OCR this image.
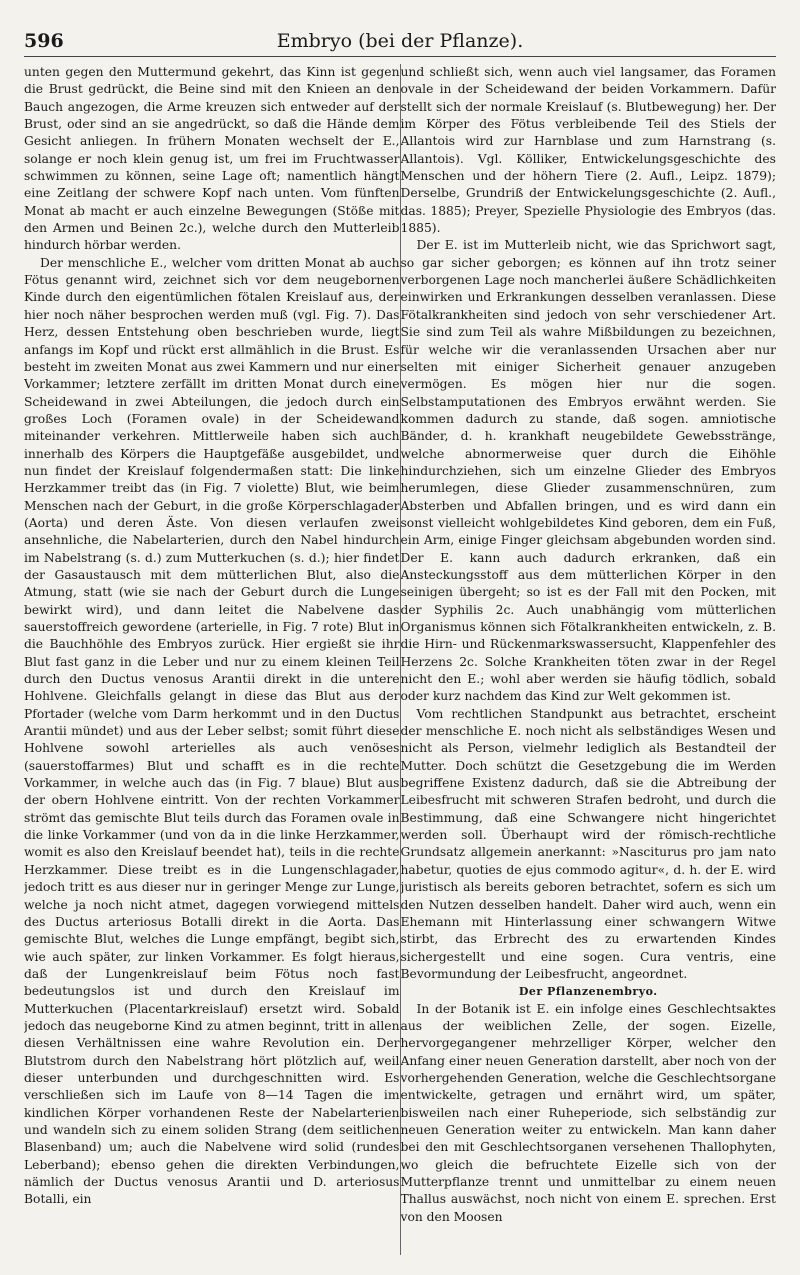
596	Embryo (bei der Pflanze).

unten gegen den Muttermund gekehrt, das Kinn ist gegen die Brust gedrückt, die Beine sind mit den Knieen an den Bauch angezogen, die Arme kreuzen sich entweder auf der Brust, oder sind an sie angedrückt, so daß die Hände dem Gesicht anliegen. In frühern Monaten wechselt der E., solange er noch klein genug ist, um frei im Fruchtwasser schwimmen zu können, seine Lage oft; namentlich hängt eine Zeitlang der schwere Kopf nach unten. Vom fünften Monat ab macht er auch einzelne Bewegungen (Stöße mit den Armen und Beinen 2c.), welche durch den Mutterleib hindurch hörbar werden.

Der menschliche E., welcher vom dritten Monat ab auch Fötus genannt wird, zeichnet sich vor dem neugebornen Kinde durch den eigentümlichen fötalen Kreislauf aus, der hier noch näher besprochen werden muß (vgl. Fig. 7). Das Herz, dessen Entstehung oben beschrieben wurde, liegt anfangs im Kopf und rückt erst allmählich in die Brust. Es besteht im zweiten Monat aus zwei Kammern und nur einer Vorkammer; letztere zerfällt im dritten Monat durch eine Scheidewand in zwei Abteilungen, die jedoch durch ein großes Loch (Foramen ovale) in der Scheidewand miteinander verkehren. Mittlerweile haben sich auch innerhalb des Körpers die Hauptgefäße ausgebildet, und nun findet der Kreislauf folgendermaßen statt: Die linke Herzkammer treibt das (in Fig. 7 violette) Blut, wie beim Menschen nach der Geburt, in die große Körperschlagader (Aorta) und deren Äste. Von diesen verlaufen zwei ansehnliche, die Nabelarterien, durch den Nabel hindurch im Nabelstrang (s. d.) zum Mutterkuchen (s. d.); hier findet der Gasaustausch mit dem mütterlichen Blut, also die Atmung, statt (wie sie nach der Geburt durch die Lunge bewirkt wird), und dann leitet die Nabelvene das sauerstoffreich gewordene (arterielle, in Fig. 7 rote) Blut in die Bauchhöhle des Embryos zurück. Hier ergießt sie ihr Blut fast ganz in die Leber und nur zu einem kleinen Teil durch den Ductus venosus Arantii direkt in die untere Hohlvene. Gleichfalls gelangt in diese das Blut aus der Pfortader (welche vom Darm herkommt und in den Ductus Arantii mündet) und aus der Leber selbst; somit führt diese Hohlvene sowohl arterielles als auch venöses (sauerstoffarmes) Blut und schafft es in die rechte Vorkammer, in welche auch das (in Fig. 7 blaue) Blut aus der obern Hohlvene eintritt. Von der rechten Vorkammer strömt das gemischte Blut teils durch das Foramen ovale in die linke Vorkammer (und von da in die linke Herzkammer, womit es also den Kreislauf beendet hat), teils in die rechte Herzkammer. Diese treibt es in die Lungenschlagader, jedoch tritt es aus dieser nur in geringer Menge zur Lunge, welche ja noch nicht atmet, dagegen vorwiegend mittels des Ductus arteriosus Botalli direkt in die Aorta. Das gemischte Blut, welches die Lunge empfängt, begibt sich, wie auch später, zur linken Vorkammer. Es folgt hieraus, daß der Lungenkreislauf beim Fötus noch fast bedeutungslos ist und durch den Kreislauf im Mutterkuchen (Placentarkreislauf) ersetzt wird. Sobald jedoch das neugeborne Kind zu atmen beginnt, tritt in allen diesen Verhältnissen eine wahre Revolution ein. Der Blutstrom durch den Nabelstrang hört plötzlich auf, weil dieser unterbunden und durchgeschnitten wird. Es verschließen sich im Laufe von 8—14 Tagen die im kindlichen Körper vorhandenen Reste der Nabelarterien und wandeln sich zu einem soliden Strang (dem seitlichen Blasenband) um; auch die Nabelvene wird solid (rundes Leberband); ebenso gehen die direkten Verbindungen, nämlich der Ductus venosus Arantii und D. arteriosus Botalli, ein

und schließt sich, wenn auch viel langsamer, das Foramen ovale in der Scheidewand der beiden Vorkammern. Dafür stellt sich der normale Kreislauf (s. Blutbewegung) her. Der im Körper des Fötus verbleibende Teil des Stiels der Allantois wird zur Harnblase und zum Harnstrang (s. Allantois). Vgl. Kölliker, Entwickelungsgeschichte des Menschen und der höhern Tiere (2. Aufl., Leipz. 1879); Derselbe, Grundriß der Entwickelungsgeschichte (2. Aufl., das. 1885); Preyer, Spezielle Physiologie des Embryos (das. 1885).

Der E. ist im Mutterleib nicht, wie das Sprichwort sagt, so gar sicher geborgen; es können auf ihn trotz seiner verborgenen Lage noch mancherlei äußere Schädlichkeiten einwirken und Erkrankungen desselben veranlassen. Diese Fötalkrankheiten sind jedoch von sehr verschiedener Art. Sie sind zum Teil als wahre Mißbildungen zu bezeichnen, für welche wir die veranlassenden Ursachen aber nur selten mit einiger Sicherheit genauer anzugeben vermögen. Es mögen hier nur die sogen. Selbstamputationen des Embryos erwähnt werden. Sie kommen dadurch zu stande, daß sogen. amniotische Bänder, d. h. krankhaft neugebildete Gewebsstränge, welche abnormerweise quer durch die Eihöhle hindurchziehen, sich um einzelne Glieder des Embryos herumlegen, diese Glieder zusammenschnüren, zum Absterben und Abfallen bringen, und es wird dann ein sonst vielleicht wohlgebildetes Kind geboren, dem ein Fuß, ein Arm, einige Finger gleichsam abgebunden worden sind. Der E. kann auch dadurch erkranken, daß ein Ansteckungsstoff aus dem mütterlichen Körper in den seinigen übergeht; so ist es der Fall mit den Pocken, mit der Syphilis 2c. Auch unabhängig vom mütterlichen Organismus können sich Fötalkrankheiten entwickeln, z. B. die Hirn- und Rückenmarkswassersucht, Klappenfehler des Herzens 2c. Solche Krankheiten töten zwar in der Regel nicht den E.; wohl aber werden sie häufig tödlich, sobald oder kurz nachdem das Kind zur Welt gekommen ist.

Vom rechtlichen Standpunkt aus betrachtet, erscheint der menschliche E. noch nicht als selbständiges Wesen und nicht als Person, vielmehr lediglich als Bestandteil der Mutter. Doch schützt die Gesetzgebung die im Werden begriffene Existenz dadurch, daß sie die Abtreibung der Leibesfrucht mit schweren Strafen bedroht, und durch die Bestimmung, daß eine Schwangere nicht hingerichtet werden soll. Überhaupt wird der römisch-rechtliche Grundsatz allgemein anerkannt: »Nasciturus pro jam nato habetur, quoties de ejus commodo agitur«, d. h. der E. wird juristisch als bereits geboren betrachtet, sofern es sich um den Nutzen desselben handelt. Daher wird auch, wenn ein Ehemann mit Hinterlassung einer schwangern Witwe stirbt, das Erbrecht des zu erwartenden Kindes sichergestellt und eine sogen. Cura ventris, eine Bevormundung der Leibesfrucht, angeordnet.

Der Pflanzenembryo.

In der Botanik ist E. ein infolge eines Geschlechtsaktes aus der weiblichen Zelle, der sogen. Eizelle, hervorgegangener mehrzelliger Körper, welcher den Anfang einer neuen Generation darstellt, aber noch von der vorhergehenden Generation, welche die Geschlechtsorgane entwickelte, getragen und ernährt wird, um später, bisweilen nach einer Ruheperiode, sich selbständig zur neuen Generation weiter zu entwickeln. Man kann daher bei den mit Geschlechtsorganen versehenen Thallophyten, wo gleich die befruchtete Eizelle sich von der Mutterpflanze trennt und unmittelbar zu einem neuen Thallus auswächst, noch nicht von einem E. sprechen. Erst von den Moosen
